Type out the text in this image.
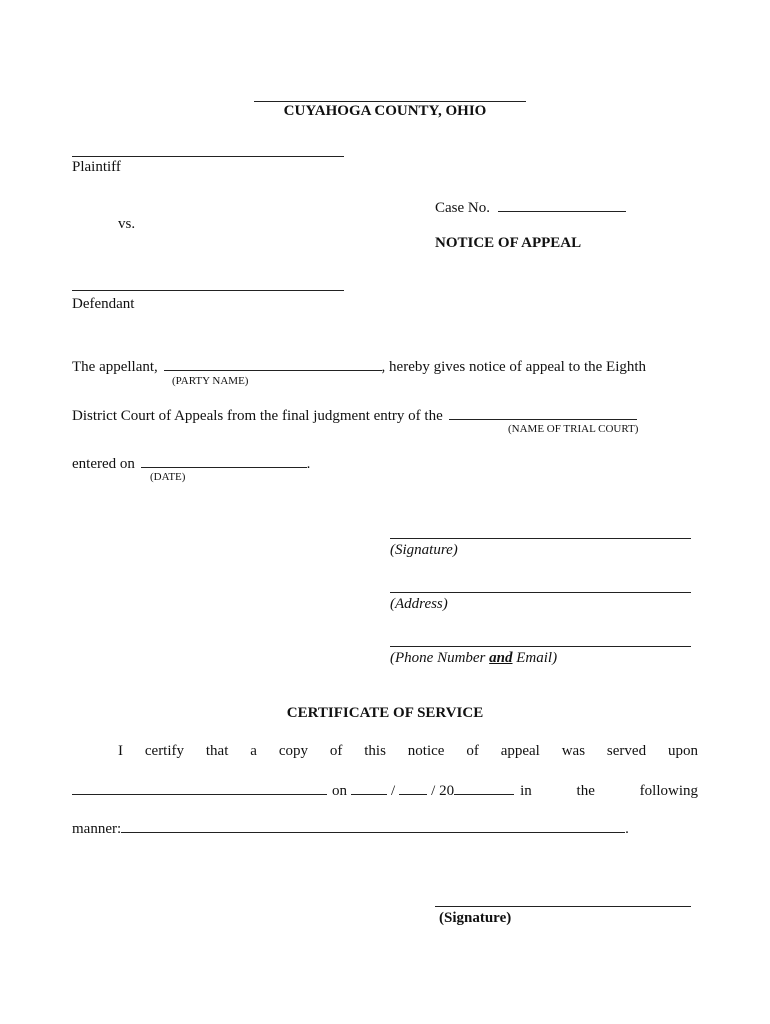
CUYAHOGA COUNTY, OHIO
Plaintiff
Case No.
vs.
NOTICE OF APPEAL
Defendant
The appellant,	, hereby gives notice of appeal to the Eighth
(PARTY NAME)
District Court of Appeals from the final judgment entry of the
(NAME OF TRIAL COURT)
entered on	.
(DATE)
(Signature)
(Address)
(Phone Number and Email)
CERTIFICATE OF SERVICE
I certify that a copy of this notice of appeal was served upon
on	/ / 20	in	the	following
manner:	.
(Signature)
